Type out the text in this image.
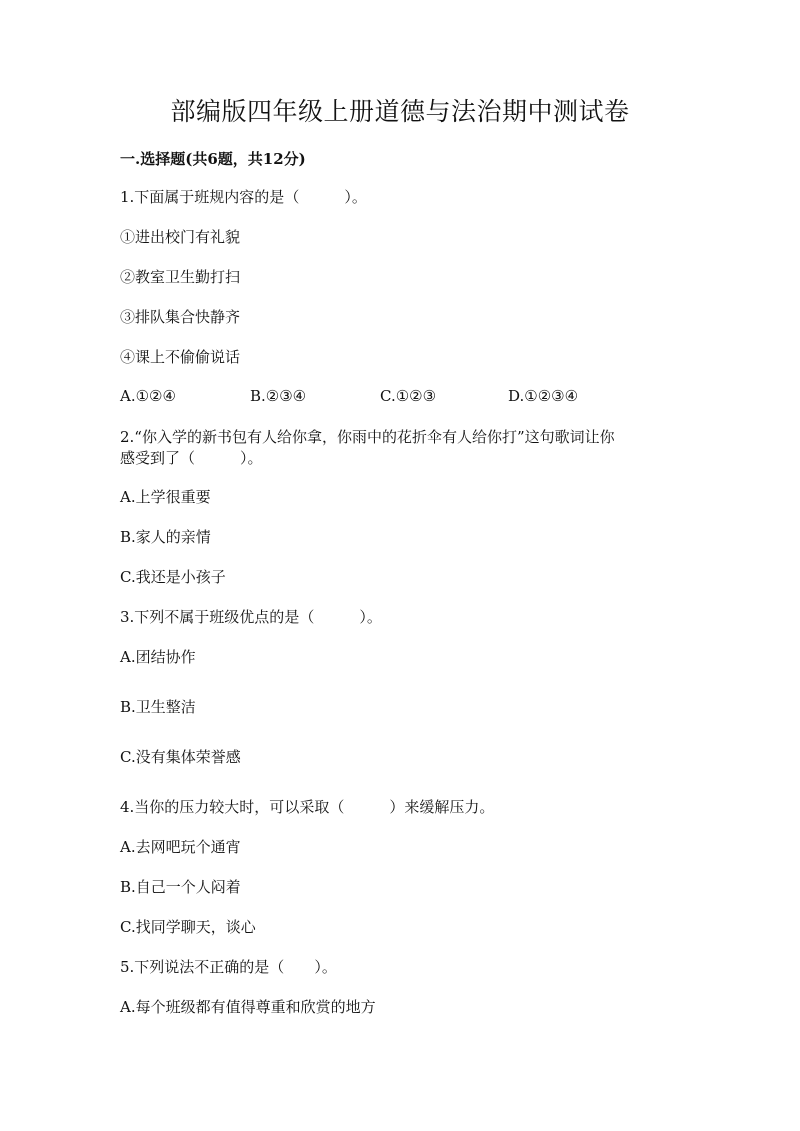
部编版四年级上册道德与法治期中测试卷
一.选择题(共6题，共12分)
1.下面属于班规内容的是（　　　）。
①进出校门有礼貌
②教室卫生勤打扫
③排队集合快静齐
④课上不偷偷说话
A.①②④	B.②③④	C.①②③	D.①②③④
2.“你入学的新书包有人给你拿，你雨中的花折伞有人给你打”这句歌词让你
感受到了（　　　）。
A.上学很重要
B.家人的亲情
C.我还是小孩子
3.下列不属于班级优点的是（　　　）。
A.团结协作
B.卫生整洁
C.没有集体荣誉感
4.当你的压力较大时，可以采取（　　　）来缓解压力。
A.去网吧玩个通宵
B.自己一个人闷着
C.找同学聊天，谈心
5.下列说法不正确的是（　　）。
A.每个班级都有值得尊重和欣赏的地方
